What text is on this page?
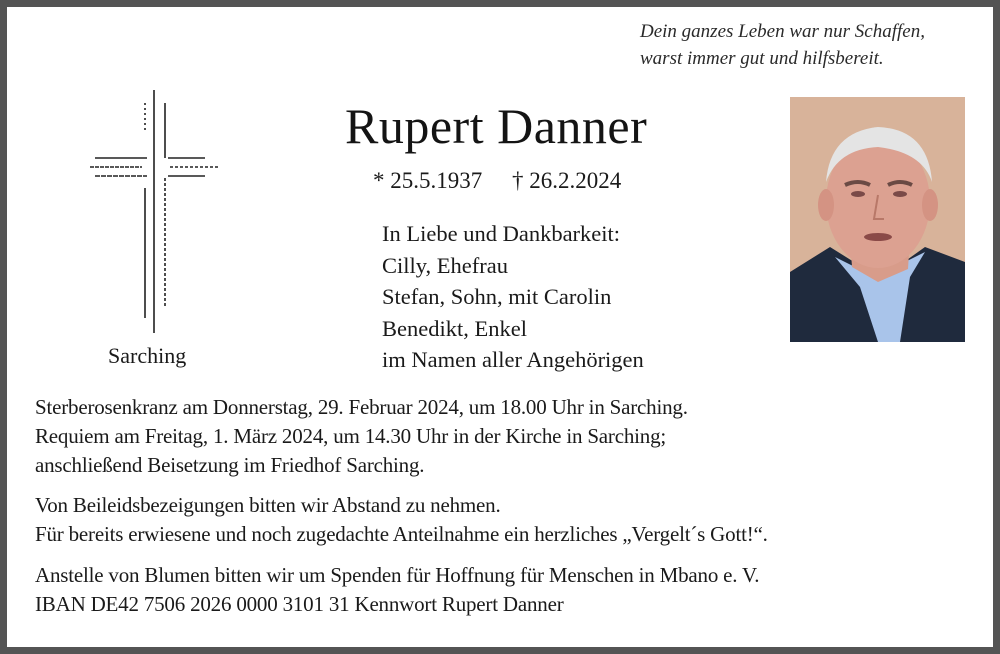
Dein ganzes Leben war nur Schaffen,
warst immer gut und hilfsbereit.
Sarching
Rupert Danner
* 25.5.1937 † 26.2.2024
In Liebe und Dankbarkeit:
Cilly, Ehefrau
Stefan, Sohn, mit Carolin
Benedikt, Enkel
im Namen aller Angehörigen
Sterberosenkranz am Donnerstag, 29. Februar 2024, um 18.00 Uhr in Sarching.
Requiem am Freitag, 1. März 2024, um 14.30 Uhr in der Kirche in Sarching;
anschließend Beisetzung im Friedhof Sarching.
Von Beileidsbezeigungen bitten wir Abstand zu nehmen.
Für bereits erwiesene und noch zugedachte Anteilnahme ein herzliches „Vergelt´s Gott!“.
Anstelle von Blumen bitten wir um Spenden für Hoffnung für Menschen in Mbano e. V.
IBAN DE42 7506 2026 0000 3101 31 Kennwort Rupert Danner
